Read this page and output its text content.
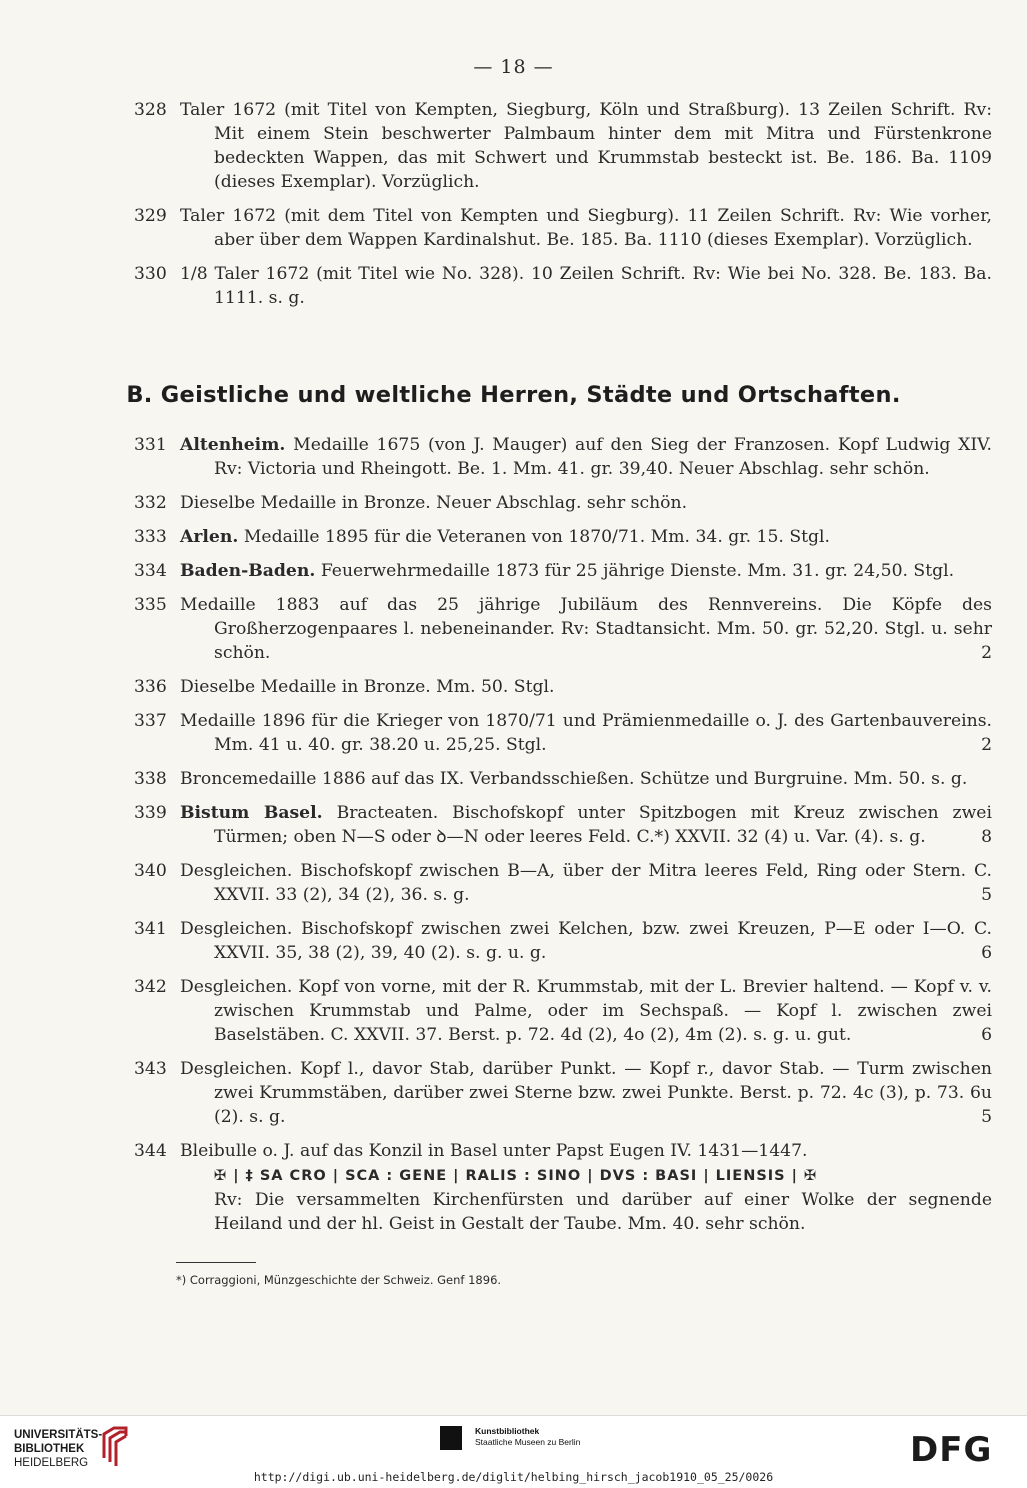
— 18 —
328 Taler 1672 (mit Titel von Kempten, Siegburg, Köln und Straßburg). 13 Zeilen Schrift. Rv: Mit einem Stein beschwerter Palmbaum hinter dem mit Mitra und Fürstenkrone bedeckten Wappen, das mit Schwert und Krummstab besteckt ist. Be. 186. Ba. 1109 (dieses Exemplar). Vorzüglich.
329 Taler 1672 (mit dem Titel von Kempten und Siegburg). 11 Zeilen Schrift. Rv: Wie vorher, aber über dem Wappen Kardinalshut. Be. 185. Ba. 1110 (dieses Exemplar). Vorzüglich.
330 1/8 Taler 1672 (mit Titel wie No. 328). 10 Zeilen Schrift. Rv: Wie bei No. 328. Be. 183. Ba. 1111. s. g.
B. Geistliche und weltliche Herren, Städte und Ortschaften.
331 Altenheim. Medaille 1675 (von J. Mauger) auf den Sieg der Franzosen. Kopf Ludwig XIV. Rv: Victoria und Rheingott. Be. 1. Mm. 41. gr. 39,40. Neuer Abschlag. sehr schön.
332 Dieselbe Medaille in Bronze. Neuer Abschlag. sehr schön.
333 Arlen. Medaille 1895 für die Veteranen von 1870/71. Mm. 34. gr. 15. Stgl.
334 Baden-Baden. Feuerwehrmedaille 1873 für 25 jährige Dienste. Mm. 31. gr. 24,50. Stgl.
335 Medaille 1883 auf das 25 jährige Jubiläum des Rennvereins. Die Köpfe des Großherzogenpaares l. nebeneinander. Rv: Stadtansicht. Mm. 50. gr. 52,20. Stgl. u. sehr schön.	2
336 Dieselbe Medaille in Bronze. Mm. 50. Stgl.
337 Medaille 1896 für die Krieger von 1870/71 und Prämienmedaille o. J. des Gartenbauvereins. Mm. 41 u. 40. gr. 38.20 u. 25,25. Stgl.	2
338 Broncemedaille 1886 auf das IX. Verbandsschießen. Schütze und Burgruine. Mm. 50. s. g.
339 Bistum Basel. Bracteaten. Bischofskopf unter Spitzbogen mit Kreuz zwischen zwei Türmen; oben N—S oder ꝺ—N oder leeres Feld. C.*) XXVII. 32 (4) u. Var. (4). s. g.	8
340 Desgleichen. Bischofskopf zwischen B—A, über der Mitra leeres Feld, Ring oder Stern. C. XXVII. 33 (2), 34 (2), 36. s. g.	5
341 Desgleichen. Bischofskopf zwischen zwei Kelchen, bzw. zwei Kreuzen, P—E oder I—O. C. XXVII. 35, 38 (2), 39, 40 (2). s. g. u. g.	6
342 Desgleichen. Kopf von vorne, mit der R. Krummstab, mit der L. Brevier haltend. — Kopf v. v. zwischen Krummstab und Palme, oder im Sechspaß. — Kopf l. zwischen zwei Baselstäben. C. XXVII. 37. Berst. p. 72. 4d (2), 4o (2), 4m (2). s. g. u. gut.	6
343 Desgleichen. Kopf l., davor Stab, darüber Punkt. — Kopf r., davor Stab. — Turm zwischen zwei Krummstäben, darüber zwei Sterne bzw. zwei Punkte. Berst. p. 72. 4c (3), p. 73. 6u (2). s. g.	5
344 Bleibulle o. J. auf das Konzil in Basel unter Papst Eugen IV. 1431—1447.
✠ | ‡ SA CRO | SCA : GENE | RALIS : SINO | DVS : BASI | LIENSIS | ✠
Rv: Die versammelten Kirchenfürsten und darüber auf einer Wolke der segnende Heiland und der hl. Geist in Gestalt der Taube. Mm. 40. sehr schön.
*) Corraggioni, Münzgeschichte der Schweiz. Genf 1896.
UNIVERSITÄTS-
BIBLIOTHEK
HEIDELBERG
Kunstbibliothek
Staatliche Museen zu Berlin	DFG
http://digi.ub.uni-heidelberg.de/diglit/helbing_hirsch_jacob1910_05_25/0026
